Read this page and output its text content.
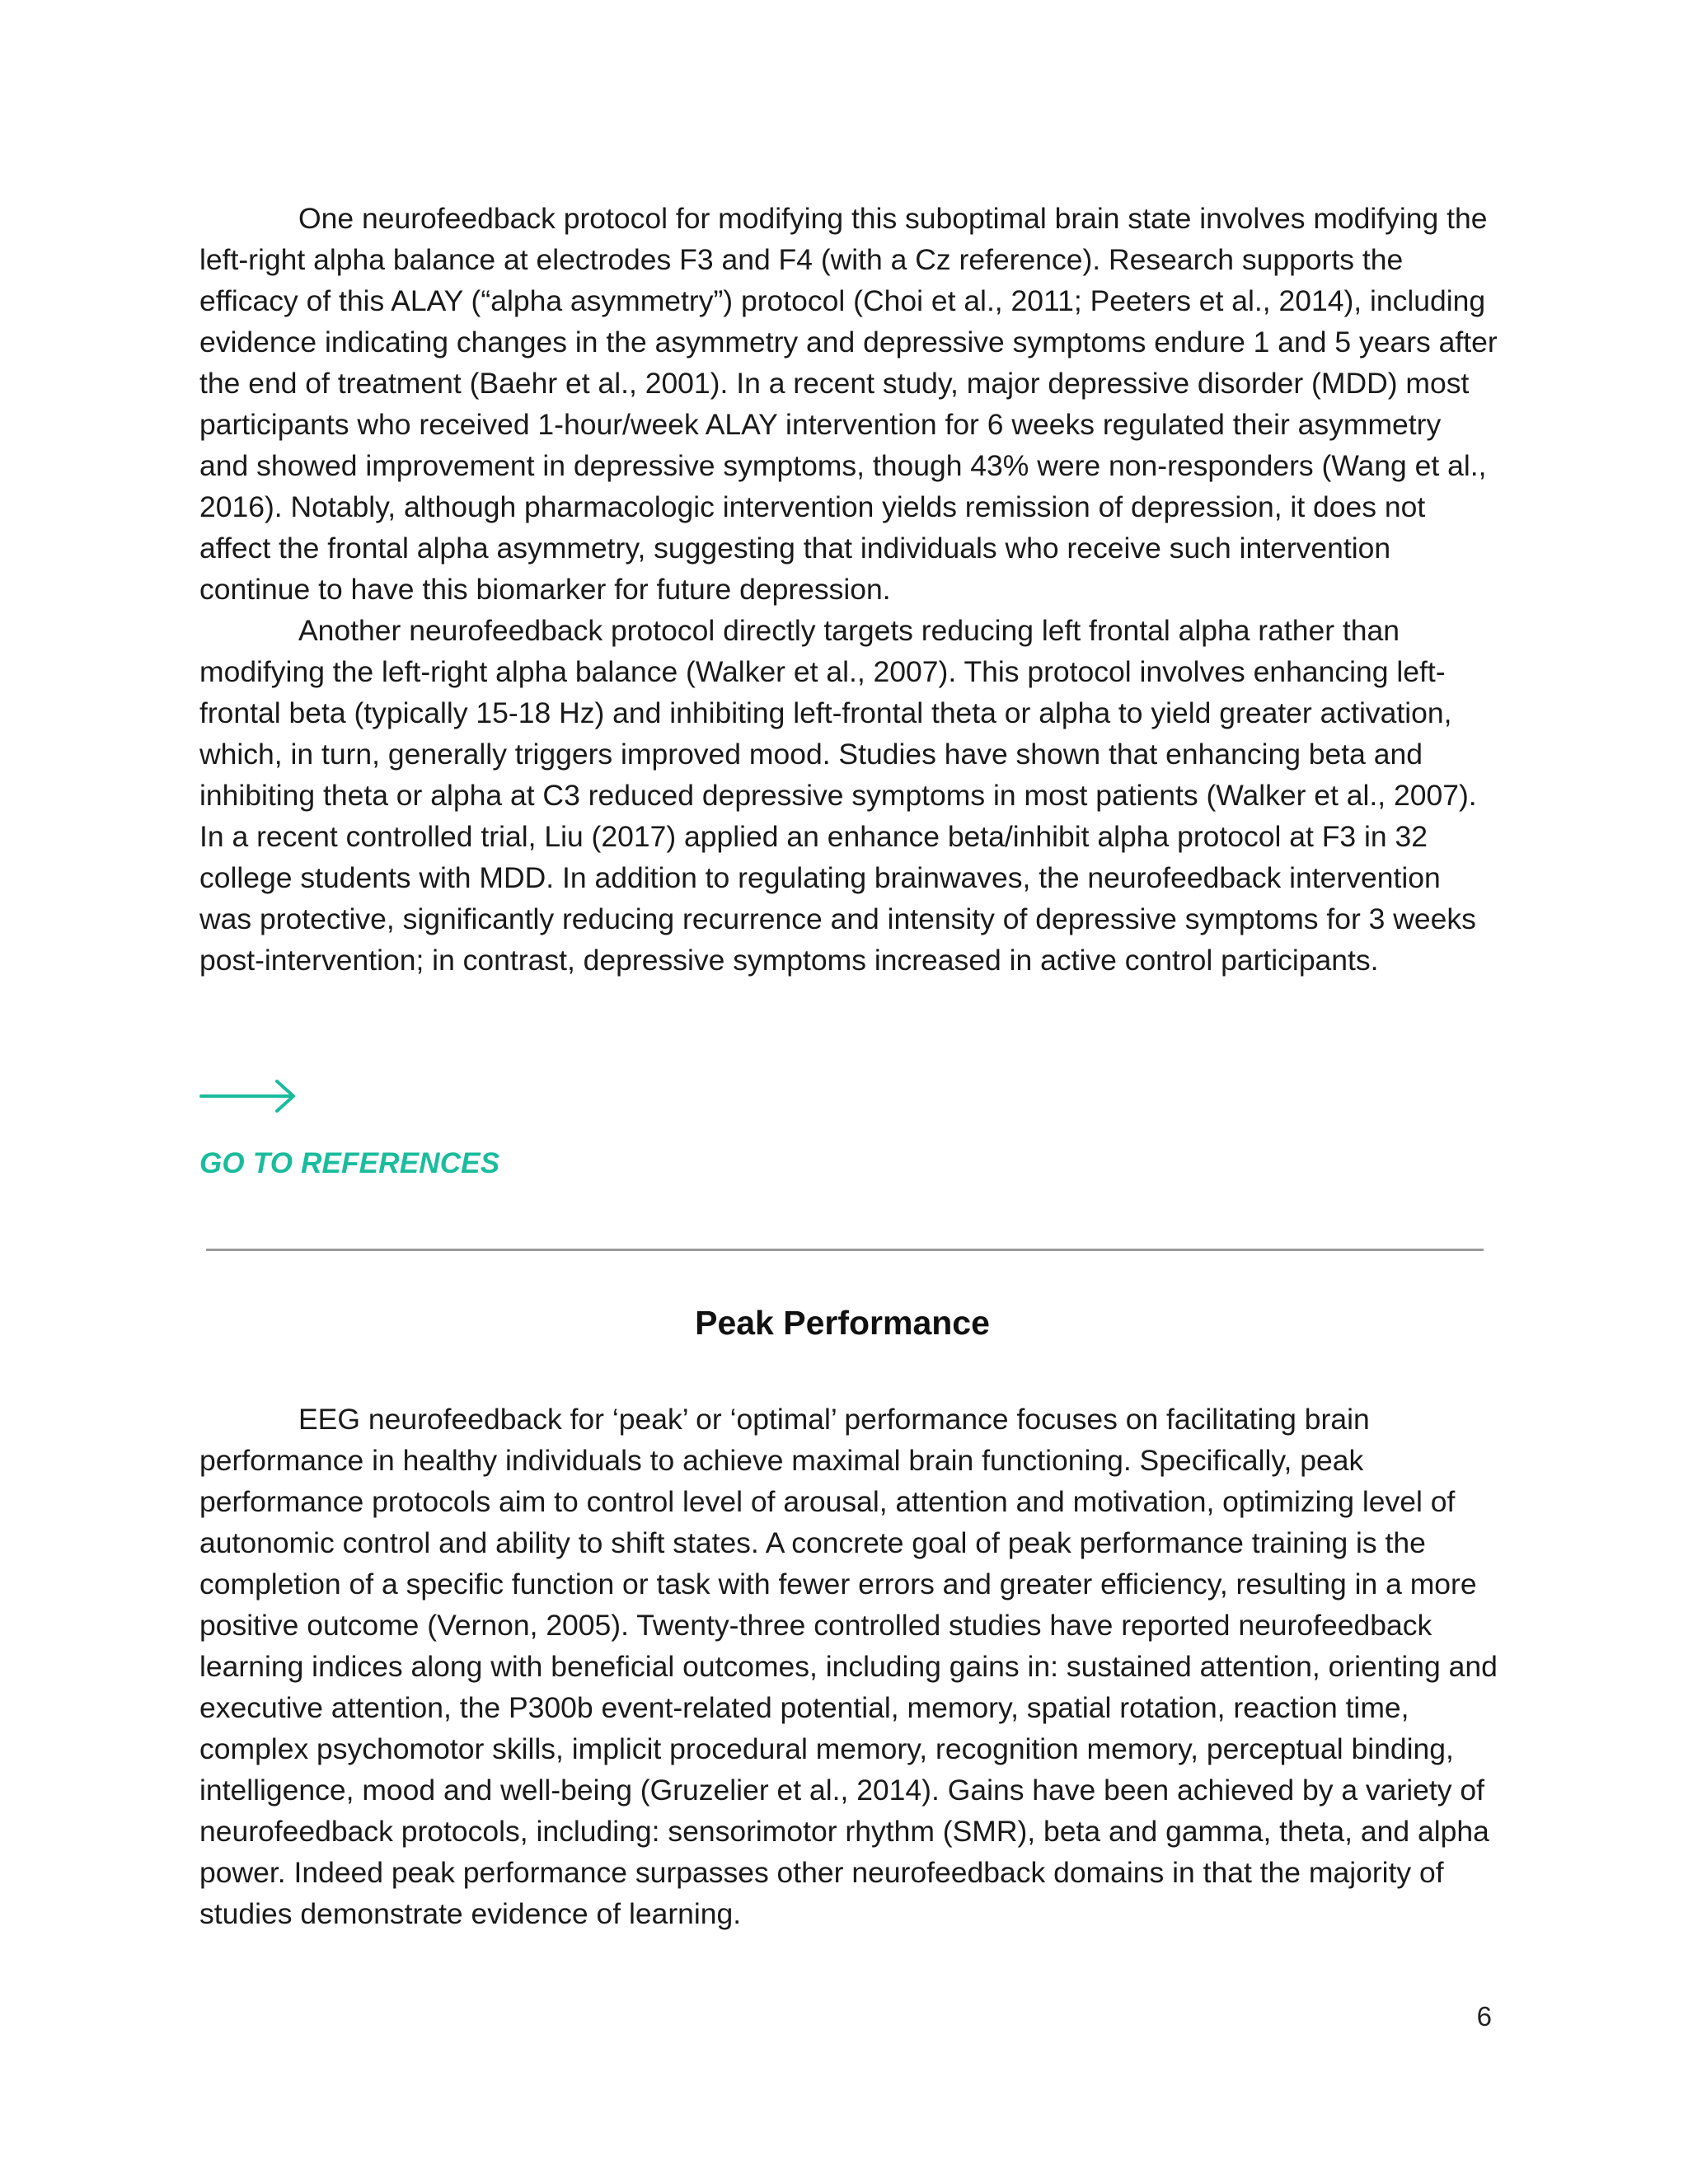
One neurofeedback protocol for modifying this suboptimal brain state involves modifying the left-right alpha balance at electrodes F3 and F4 (with a Cz reference). Research supports the efficacy of this ALAY (“alpha asymmetry”) protocol (Choi et al., 2011; Peeters et al., 2014), including evidence indicating changes in the asymmetry and depressive symptoms endure 1 and 5 years after the end of treatment (Baehr et al., 2001). In a recent study, major depressive disorder (MDD) most participants who received 1-hour/week ALAY intervention for 6 weeks regulated their asymmetry and showed improvement in depressive symptoms, though 43% were non-responders (Wang et al., 2016). Notably, although pharmacologic intervention yields remission of depression, it does not affect the frontal alpha asymmetry, suggesting that individuals who receive such intervention continue to have this biomarker for future depression.

Another neurofeedback protocol directly targets reducing left frontal alpha rather than modifying the left-right alpha balance (Walker et al., 2007). This protocol involves enhancing left-frontal beta (typically 15-18 Hz) and inhibiting left-frontal theta or alpha to yield greater activation, which, in turn, generally triggers improved mood. Studies have shown that enhancing beta and inhibiting theta or alpha at C3 reduced depressive symptoms in most patients (Walker et al., 2007). In a recent controlled trial, Liu (2017) applied an enhance beta/inhibit alpha protocol at F3 in 32 college students with MDD. In addition to regulating brainwaves, the neurofeedback intervention was protective, significantly reducing recurrence and intensity of depressive symptoms for 3 weeks post-intervention; in contrast, depressive symptoms increased in active control participants.

GO TO REFERENCES
Peak Performance

EEG neurofeedback for ‘peak’ or ‘optimal’ performance focuses on facilitating brain performance in healthy individuals to achieve maximal brain functioning. Specifically, peak performance protocols aim to control level of arousal, attention and motivation, optimizing level of autonomic control and ability to shift states. A concrete goal of peak performance training is the completion of a specific function or task with fewer errors and greater efficiency, resulting in a more positive outcome (Vernon, 2005). Twenty-three controlled studies have reported neurofeedback learning indices along with beneficial outcomes, including gains in: sustained attention, orienting and executive attention, the P300b event-related potential, memory, spatial rotation, reaction time, complex psychomotor skills, implicit procedural memory, recognition memory, perceptual binding, intelligence, mood and well-being (Gruzelier et al., 2014). Gains have been achieved by a variety of neurofeedback protocols, including: sensorimotor rhythm (SMR), beta and gamma, theta, and alpha power. Indeed peak performance surpasses other neurofeedback domains in that the majority of studies demonstrate evidence of learning.

6
